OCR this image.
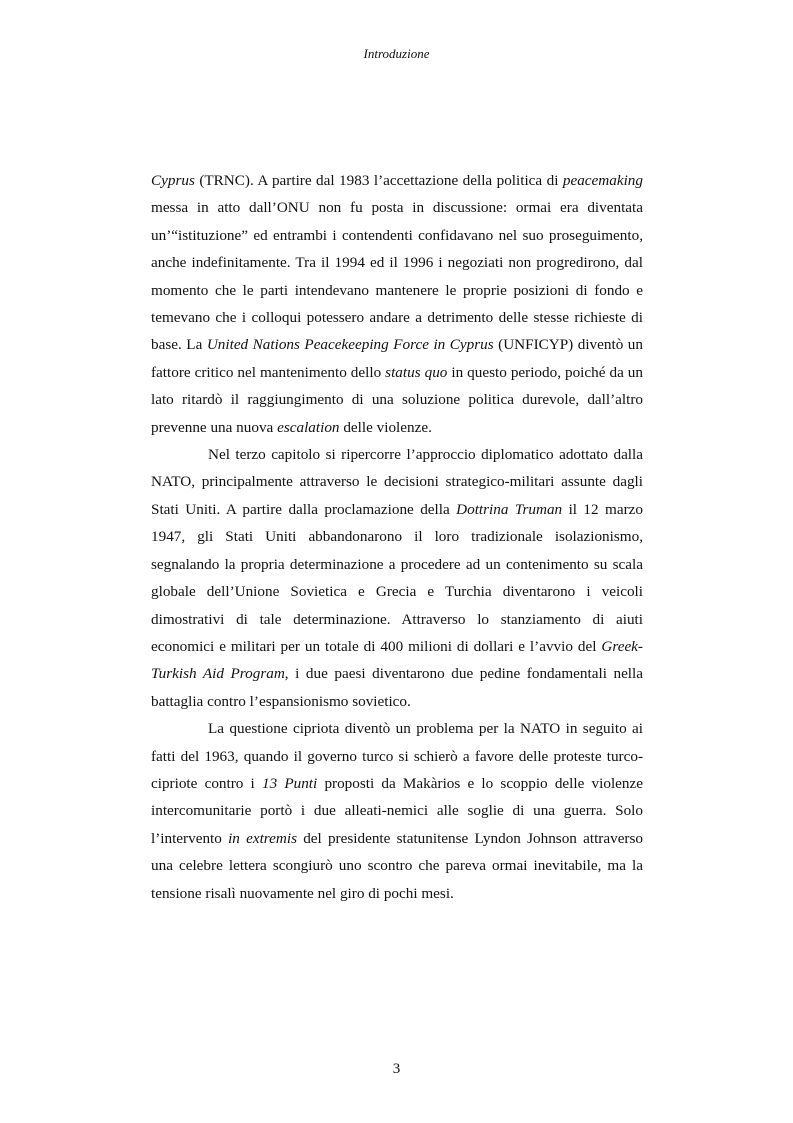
Introduzione

Cyprus (TRNC). A partire dal 1983 l’accettazione della politica di peacemaking messa in atto dall’ONU non fu posta in discussione: ormai era diventata un’“istituzione” ed entrambi i contendenti confidavano nel suo proseguimento, anche indefinitamente. Tra il 1994 ed il 1996 i negoziati non progredirono, dal momento che le parti intendevano mantenere le proprie posizioni di fondo e temevano che i colloqui potessero andare a detrimento delle stesse richieste di base. La United Nations Peacekeeping Force in Cyprus (UNFICYP) diventò un fattore critico nel mantenimento dello status quo in questo periodo, poiché da un lato ritardò il raggiungimento di una soluzione politica durevole, dall’altro prevenne una nuova escalation delle violenze.

Nel terzo capitolo si ripercorre l’approccio diplomatico adottato dalla NATO, principalmente attraverso le decisioni strategico-militari assunte dagli Stati Uniti. A partire dalla proclamazione della Dottrina Truman il 12 marzo 1947, gli Stati Uniti abbandonarono il loro tradizionale isolazionismo, segnalando la propria determinazione a procedere ad un contenimento su scala globale dell’Unione Sovietica e Grecia e Turchia diventarono i veicoli dimostrativi di tale determinazione. Attraverso lo stanziamento di aiuti economici e militari per un totale di 400 milioni di dollari e l’avvio del Greek-Turkish Aid Program, i due paesi diventarono due pedine fondamentali nella battaglia contro l’espansionismo sovietico.

La questione cipriota diventò un problema per la NATO in seguito ai fatti del 1963, quando il governo turco si schierò a favore delle proteste turco-cipriote contro i 13 Punti proposti da Makàrios e lo scoppio delle violenze intercomunitarie portò i due alleati-nemici alle soglie di una guerra. Solo l’intervento in extremis del presidente statunitense Lyndon Johnson attraverso una celebre lettera scongiurò uno scontro che pareva ormai inevitabile, ma la tensione risalì nuovamente nel giro di pochi mesi.

3
